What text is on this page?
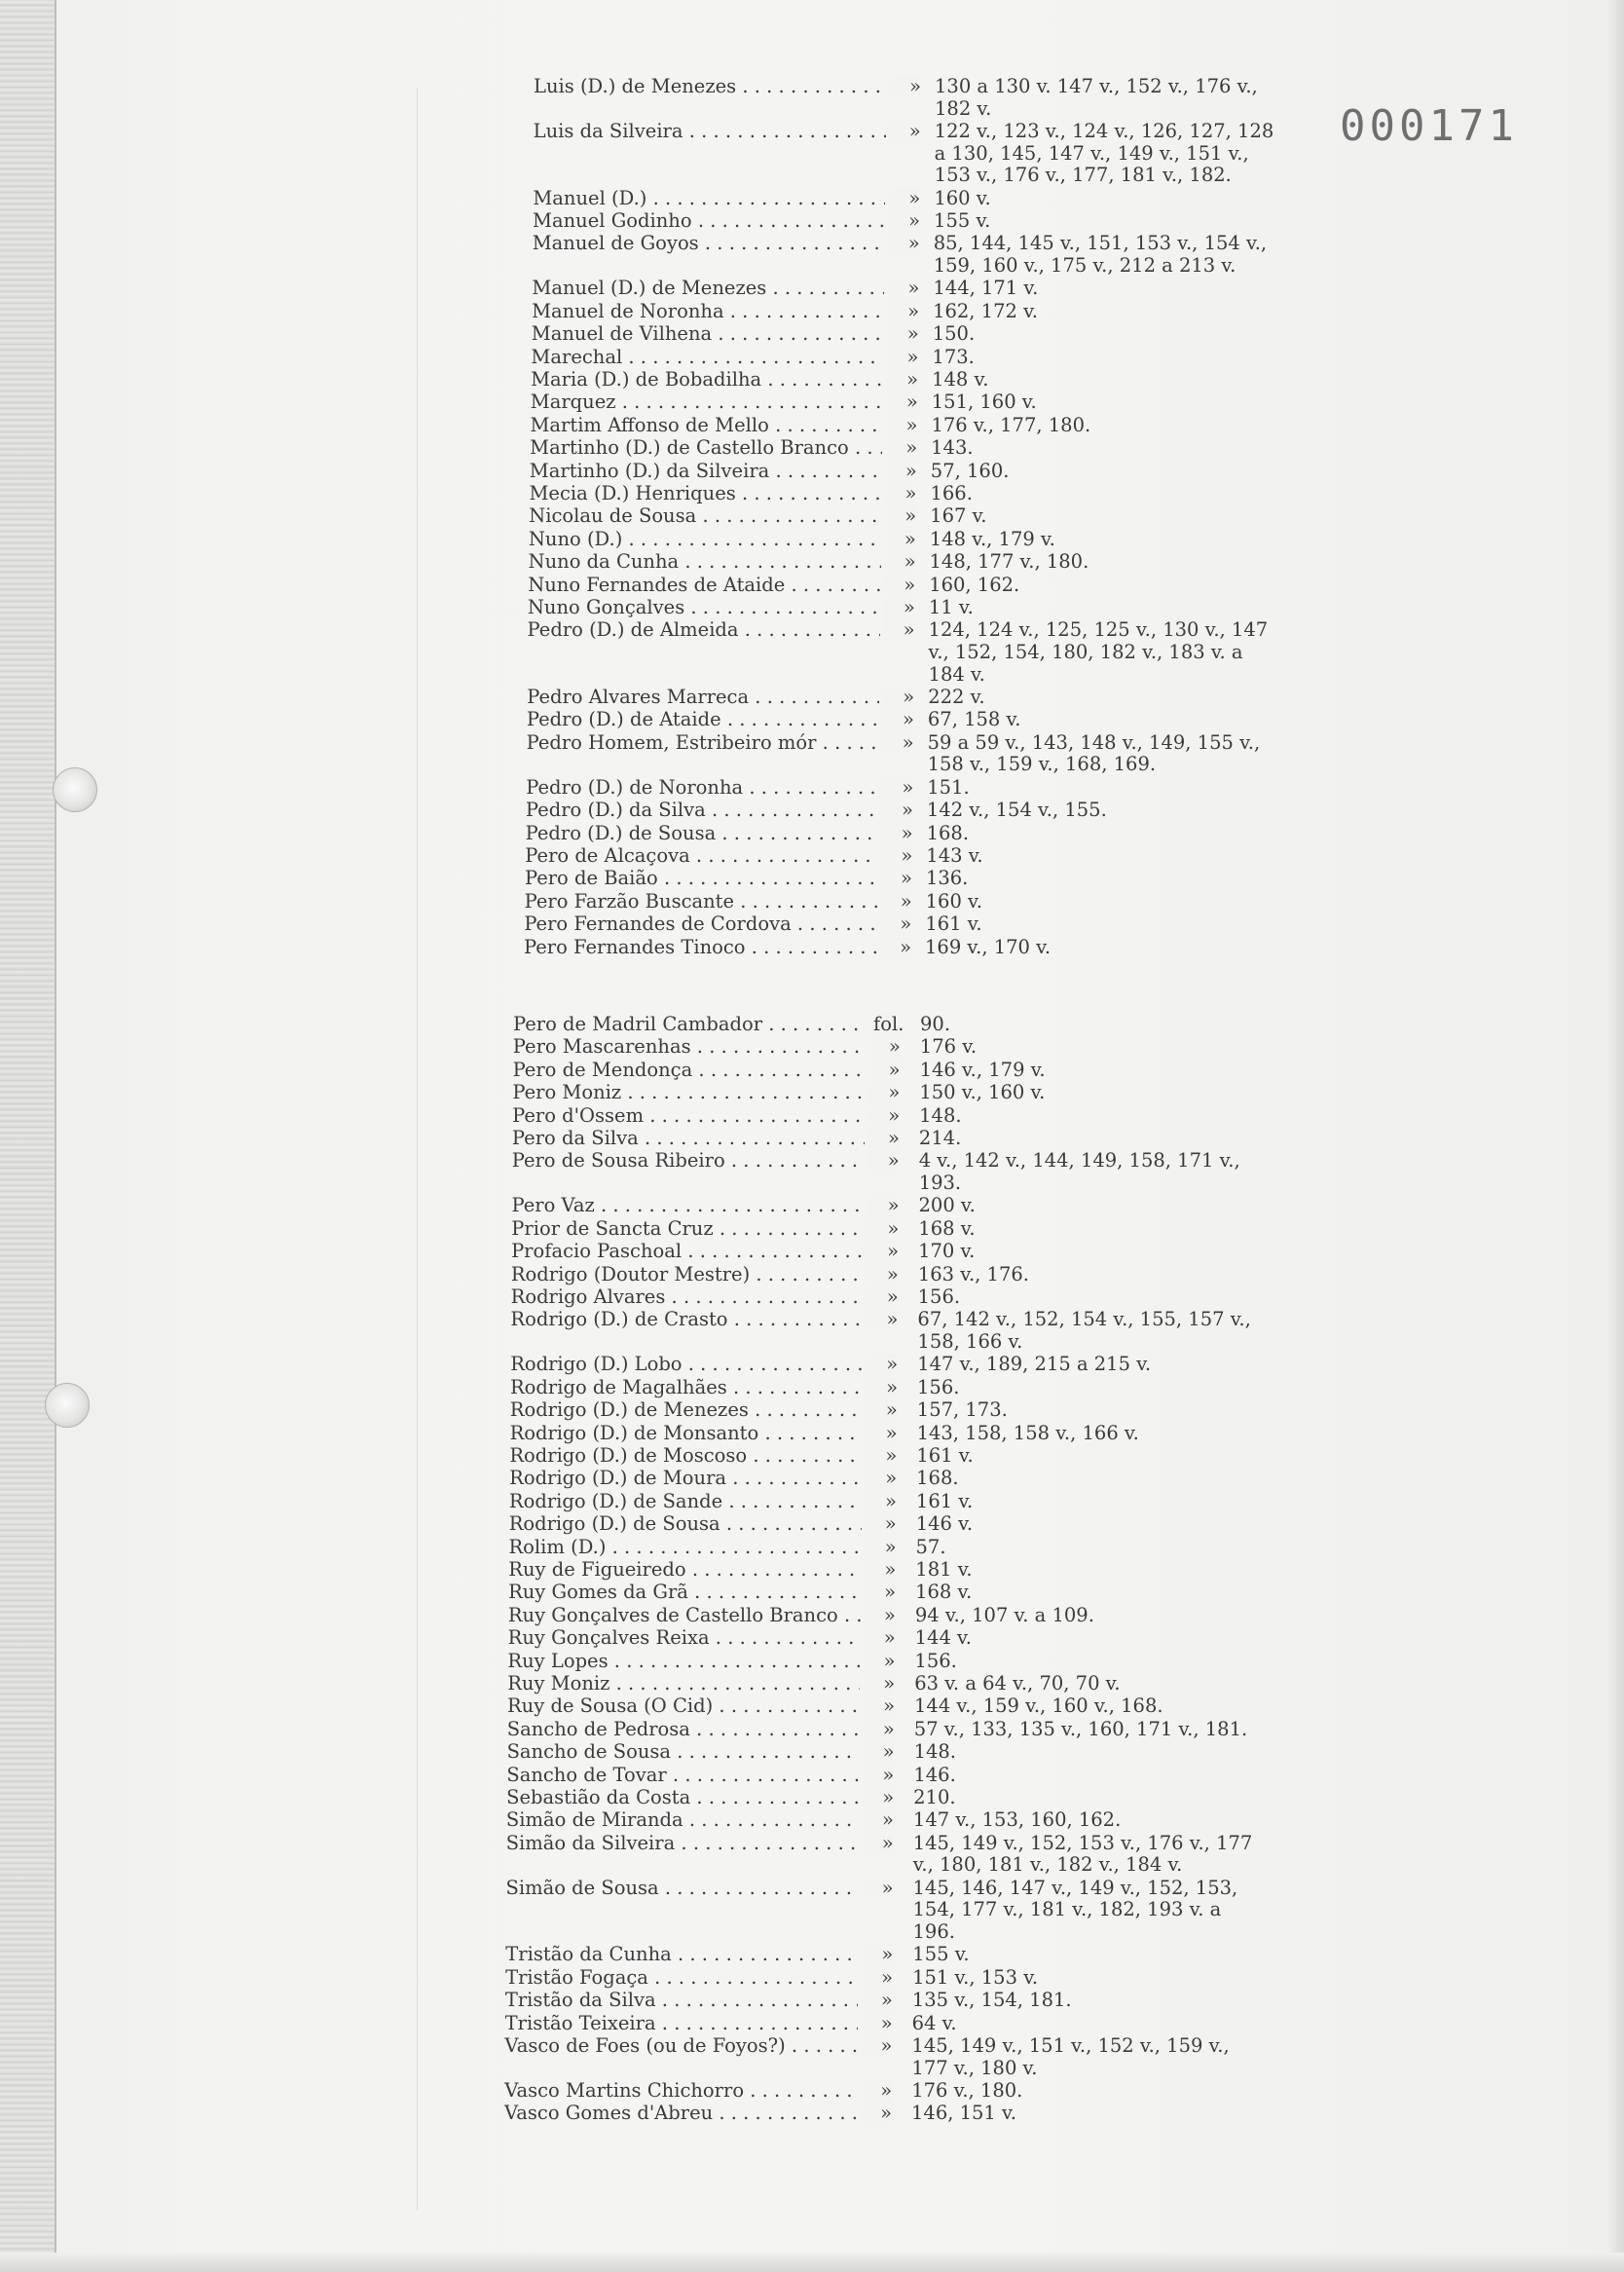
000171
Luis (D.) de Menezes . . .	» 130 a 130 v. 147 v., 152 v., 176 v., 182 v.
Luis da Silveira . . .	» 122 v., 123 v., 124 v., 126, 127, 128 a 130, 145, 147 v., 149 v., 151 v., 153 v., 176 v., 177, 181 v., 182.
Manuel (D.) . . .	» 160 v.
Manuel Godinho . . .	» 155 v.
Manuel de Goyos . . .	» 85, 144, 145 v., 151, 153 v., 154 v., 159, 160 v., 175 v., 212 a 213 v.
Manuel (D.) de Menezes . . .	» 144, 171 v.
Manuel de Noronha . . .	» 162, 172 v.
Manuel de Vilhena . . .	» 150.
Marechal . . .	» 173.
Maria (D.) de Bobadilha . . .	» 148 v.
Marquez . . .	» 151, 160 v.
Martim Affonso de Mello . . .	» 176 v., 177, 180.
Martinho (D.) de Castello Branco . . .	» 143.
Martinho (D.) da Silveira . . .	» 57, 160.
Mecia (D.) Henriques . . .	» 166.
Nicolau de Sousa . . .	» 167 v.
Nuno (D.) . . .	» 148 v., 179 v.
Nuno da Cunha . . .	» 148, 177 v., 180.
Nuno Fernandes de Ataide . . .	» 160, 162.
Nuno Gonçalves . . .	» 11 v.
Pedro (D.) de Almeida . . .	» 124, 124 v., 125, 125 v., 130 v., 147 v., 152, 154, 180, 182 v., 183 v. a 184 v.
Pedro Alvares Marreca . . .	» 222 v.
Pedro (D.) de Ataide . . .	» 67, 158 v.
Pedro Homem, Estribeiro mór . . .	» 59 a 59 v., 143, 148 v., 149, 155 v., 158 v., 159 v., 168, 169.
Pedro (D.) de Noronha . . .	» 151.
Pedro (D.) da Silva . . .	» 142 v., 154 v., 155.
Pedro (D.) de Sousa . . .	» 168.
Pero de Alcaçova . . .	» 143 v.
Pero de Baião . . .	» 136.
Pero Farzão Buscante . . .	» 160 v.
Pero Fernandes de Cordova . . .	» 161 v.
Pero Fernandes Tinoco . . .	» 169 v., 170 v.
Pero de Madril Cambador . . .	fol. 90.
Pero Mascarenhas . . .	» 176 v.
Pero de Mendonça . . .	» 146 v., 179 v.
Pero Moniz . . .	» 150 v., 160 v.
Pero d'Ossem . . .	» 148.
Pero da Silva . . .	» 214.
Pero de Sousa Ribeiro . . .	» 4 v., 142 v., 144, 149, 158, 171 v., 193.
Pero Vaz . . .	» 200 v.
Prior de Sancta Cruz . . .	» 168 v.
Profacio Paschoal . . .	» 170 v.
Rodrigo (Doutor Mestre) . . .	» 163 v., 176.
Rodrigo Alvares . . .	» 156.
Rodrigo (D.) de Crasto . . .	» 67, 142 v., 152, 154 v., 155, 157 v., 158, 166 v.
Rodrigo (D.) Lobo . . .	» 147 v., 189, 215 a 215 v.
Rodrigo de Magalhães . . .	» 156.
Rodrigo (D.) de Menezes . . .	» 157, 173.
Rodrigo (D.) de Monsanto . . .	» 143, 158, 158 v., 166 v.
Rodrigo (D.) de Moscoso . . .	» 161 v.
Rodrigo (D.) de Moura . . .	» 168.
Rodrigo (D.) de Sande . . .	» 161 v.
Rodrigo (D.) de Sousa . . .	» 146 v.
Rolim (D.) . . .	» 57.
Ruy de Figueiredo . . .	» 181 v.
Ruy Gomes da Grã . . .	» 168 v.
Ruy Gonçalves de Castello Branco . . .	» 94 v., 107 v. a 109.
Ruy Gonçalves Reixa . . .	» 144 v.
Ruy Lopes . . .	» 156.
Ruy Moniz . . .	» 63 v. a 64 v., 70, 70 v.
Ruy de Sousa (O Cid) . . .	» 144 v., 159 v., 160 v., 168.
Sancho de Pedrosa . . .	» 57 v., 133, 135 v., 160, 171 v., 181.
Sancho de Sousa . . .	» 148.
Sancho de Tovar . . .	» 146.
Sebastião da Costa . . .	» 210.
Simão de Miranda . . .	» 147 v., 153, 160, 162.
Simão da Silveira . . .	» 145, 149 v., 152, 153 v., 176 v., 177 v., 180, 181 v., 182 v., 184 v.
Simão de Sousa . . .	» 145, 146, 147 v., 149 v., 152, 153, 154, 177 v., 181 v., 182, 193 v. a 196.
Tristão da Cunha . . .	» 155 v.
Tristão Fogaça . . .	» 151 v., 153 v.
Tristão da Silva . . .	» 135 v., 154, 181.
Tristão Teixeira . . .	» 64 v.
Vasco de Foes (ou de Foyos?) . . .	» 145, 149 v., 151 v., 152 v., 159 v., 177 v., 180 v.
Vasco Martins Chichorro . . .	» 176 v., 180.
Vasco Gomes d'Abreu . . .	» 146, 151 v.
